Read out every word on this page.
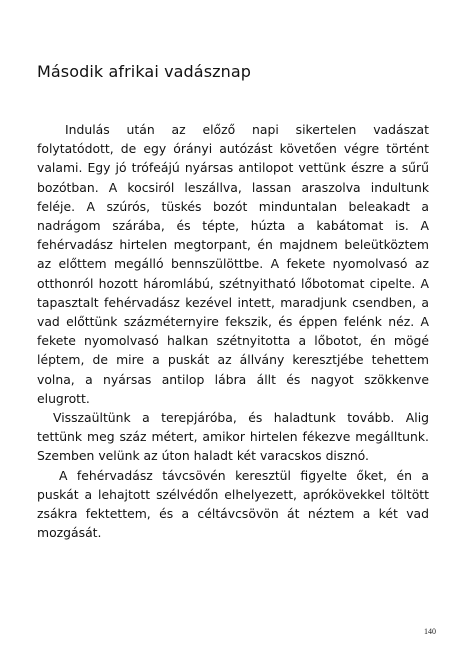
Második afrikai vadásznap

Indulás után az előző napi sikertelen vadászat folytatódott, de egy órányi autózást követően végre történt valami. Egy jó trófeájú nyársas antilopot vettünk észre a sűrű bozótban. A kocsiról leszállva, lassan araszolva indultunk feléje. A szúrós, tüskés bozót minduntalan beleakadt a nadrágom szárába, és tépte, húzta a kabátomat is. A fehérvadász hirtelen megtorpant, én majdnem beleütköztem az előttem megálló bennszülöttbe. A fekete nyomolvasó az otthonról hozott háromlábú, szétnyitható lőbotomat cipelte. A tapasztalt fehérvadász kezével intett, maradjunk csendben, a vad előttünk százméternyire fekszik, és éppen felénk néz. A fekete nyomolvasó halkan szétnyitotta a lőbotot, én mögé léptem, de mire a puskát az állvány keresztjébe tehettem volna, a nyársas antilop lábra állt és nagyot szökkenve elugrott.

Visszaültünk a terepjáróba, és haladtunk tovább. Alig tettünk meg száz métert, amikor hirtelen fékezve megálltunk. Szemben velünk az úton haladt két varacskos disznó.

A fehérvadász távcsövén keresztül figyelte őket, én a puskát a lehajtott szélvédőn elhelyezett, aprókövekkel töltött zsákra fektettem, és a céltávcsövön át néztem a két vad mozgását.

140
